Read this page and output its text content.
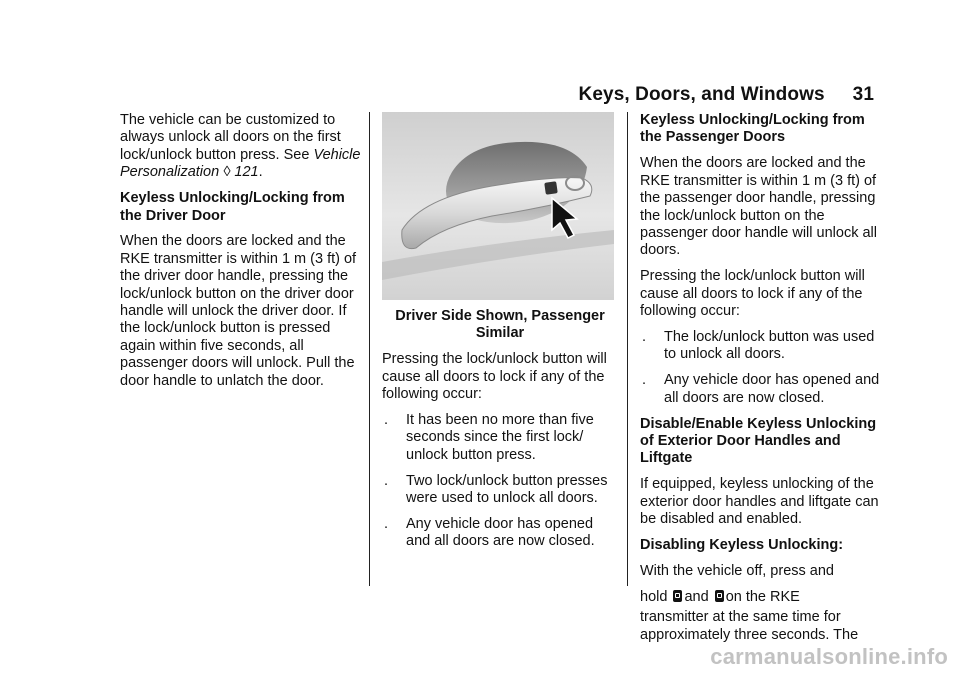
Keys, Doors, and Windows 31

The vehicle can be customized to always unlock all doors on the first lock/unlock button press. See Vehicle Personalization ◊ 121.

Keyless Unlocking/Locking from
the Driver Door

When the doors are locked and the RKE transmitter is within 1 m (3 ft) of the driver door handle, pressing the lock/unlock button on the driver door handle will unlock the driver door. If the lock/unlock button is pressed again within five seconds, all passenger doors will unlock. Pull the door handle to unlatch the door.

Driver Side Shown, Passenger
Similar

Pressing the lock/unlock button will cause all doors to lock if any of the following occur:

.	It has been no more than five seconds since the first lock/ unlock button press.
.	Two lock/unlock button presses were used to unlock all doors.
.	Any vehicle door has opened and all doors are now closed.

Keyless Unlocking/Locking from
the Passenger Doors

When the doors are locked and the RKE transmitter is within 1 m (3 ft) of the passenger door handle, pressing the lock/unlock button on the passenger door handle will unlock all doors.

Pressing the lock/unlock button will cause all doors to lock if any of the following occur:

.	The lock/unlock button was used to unlock all doors.
.	Any vehicle door has opened and all doors are now closed.

Disable/Enable Keyless Unlocking of Exterior Door Handles and Liftgate

If equipped, keyless unlocking of the exterior door handles and liftgate can be disabled and enabled.

Disabling Keyless Unlocking:

With the vehicle off, press and

hold and on the RKE

transmitter at the same time for approximately three seconds. The

carmanualsonline.info
